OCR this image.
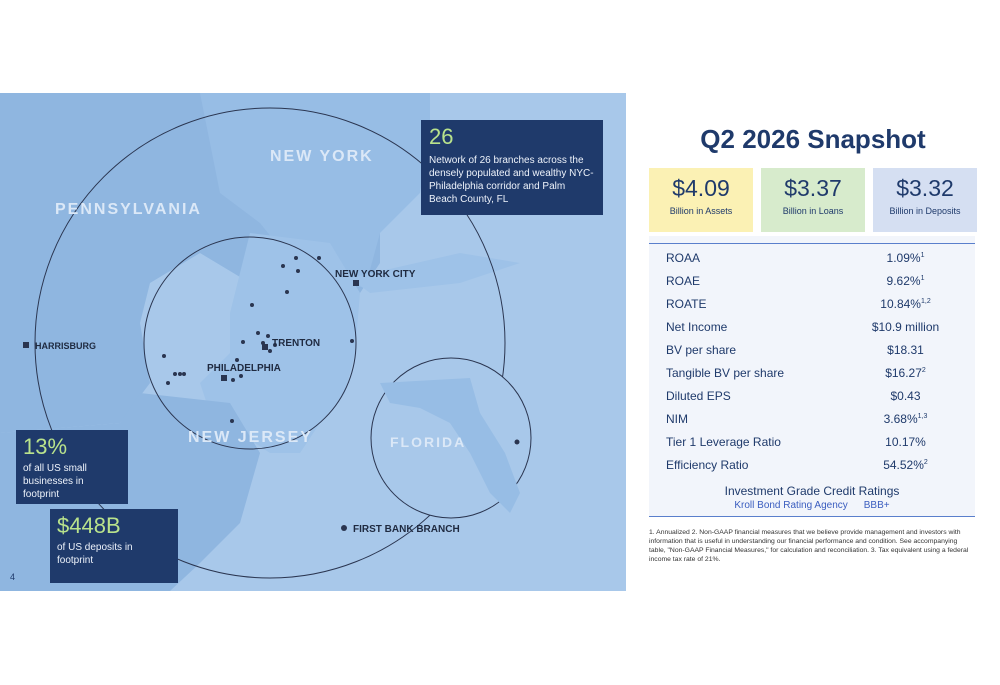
NEW YORK
PENNSYLVANIA
NEW JERSEY	FLORIDA
NEW YORK CITY
TRENTON
PHILADELPHIA
HARRISBURG
FIRST BANK BRANCH
26
Network of 26 branches across the densely populated and wealthy NYC-Philadelphia corridor and Palm Beach County, FL
13%
of all US small businesses in footprint
$448B
of US deposits in footprint
4
Q2 2026 Snapshot
$4.09
Billion in Assets
$3.37
Billion in Loans
$3.32
Billion in Deposits
ROAA	1.09%$^1$
ROAE	9.62%$^1$
ROATE	10.84%$^{1,2}$
Net Income	$10.9 million
BV per share	$18.31
Tangible BV per share	$16.27$^2$
Diluted EPS	$0.43
NIM	3.68%$^{1,3}$
Tier 1 Leverage Ratio	10.17%
Efficiency Ratio	54.52%$^2$
Investment Grade Credit Ratings
Kroll Bond Rating Agency BBB+
1. Annualized 2. Non-GAAP financial measures that we believe provide management and investors with information that is useful in understanding our financial performance and condition. See accompanying table, "Non-GAAP Financial Measures," for calculation and reconciliation. 3. Tax equivalent using a federal income tax rate of 21%.
